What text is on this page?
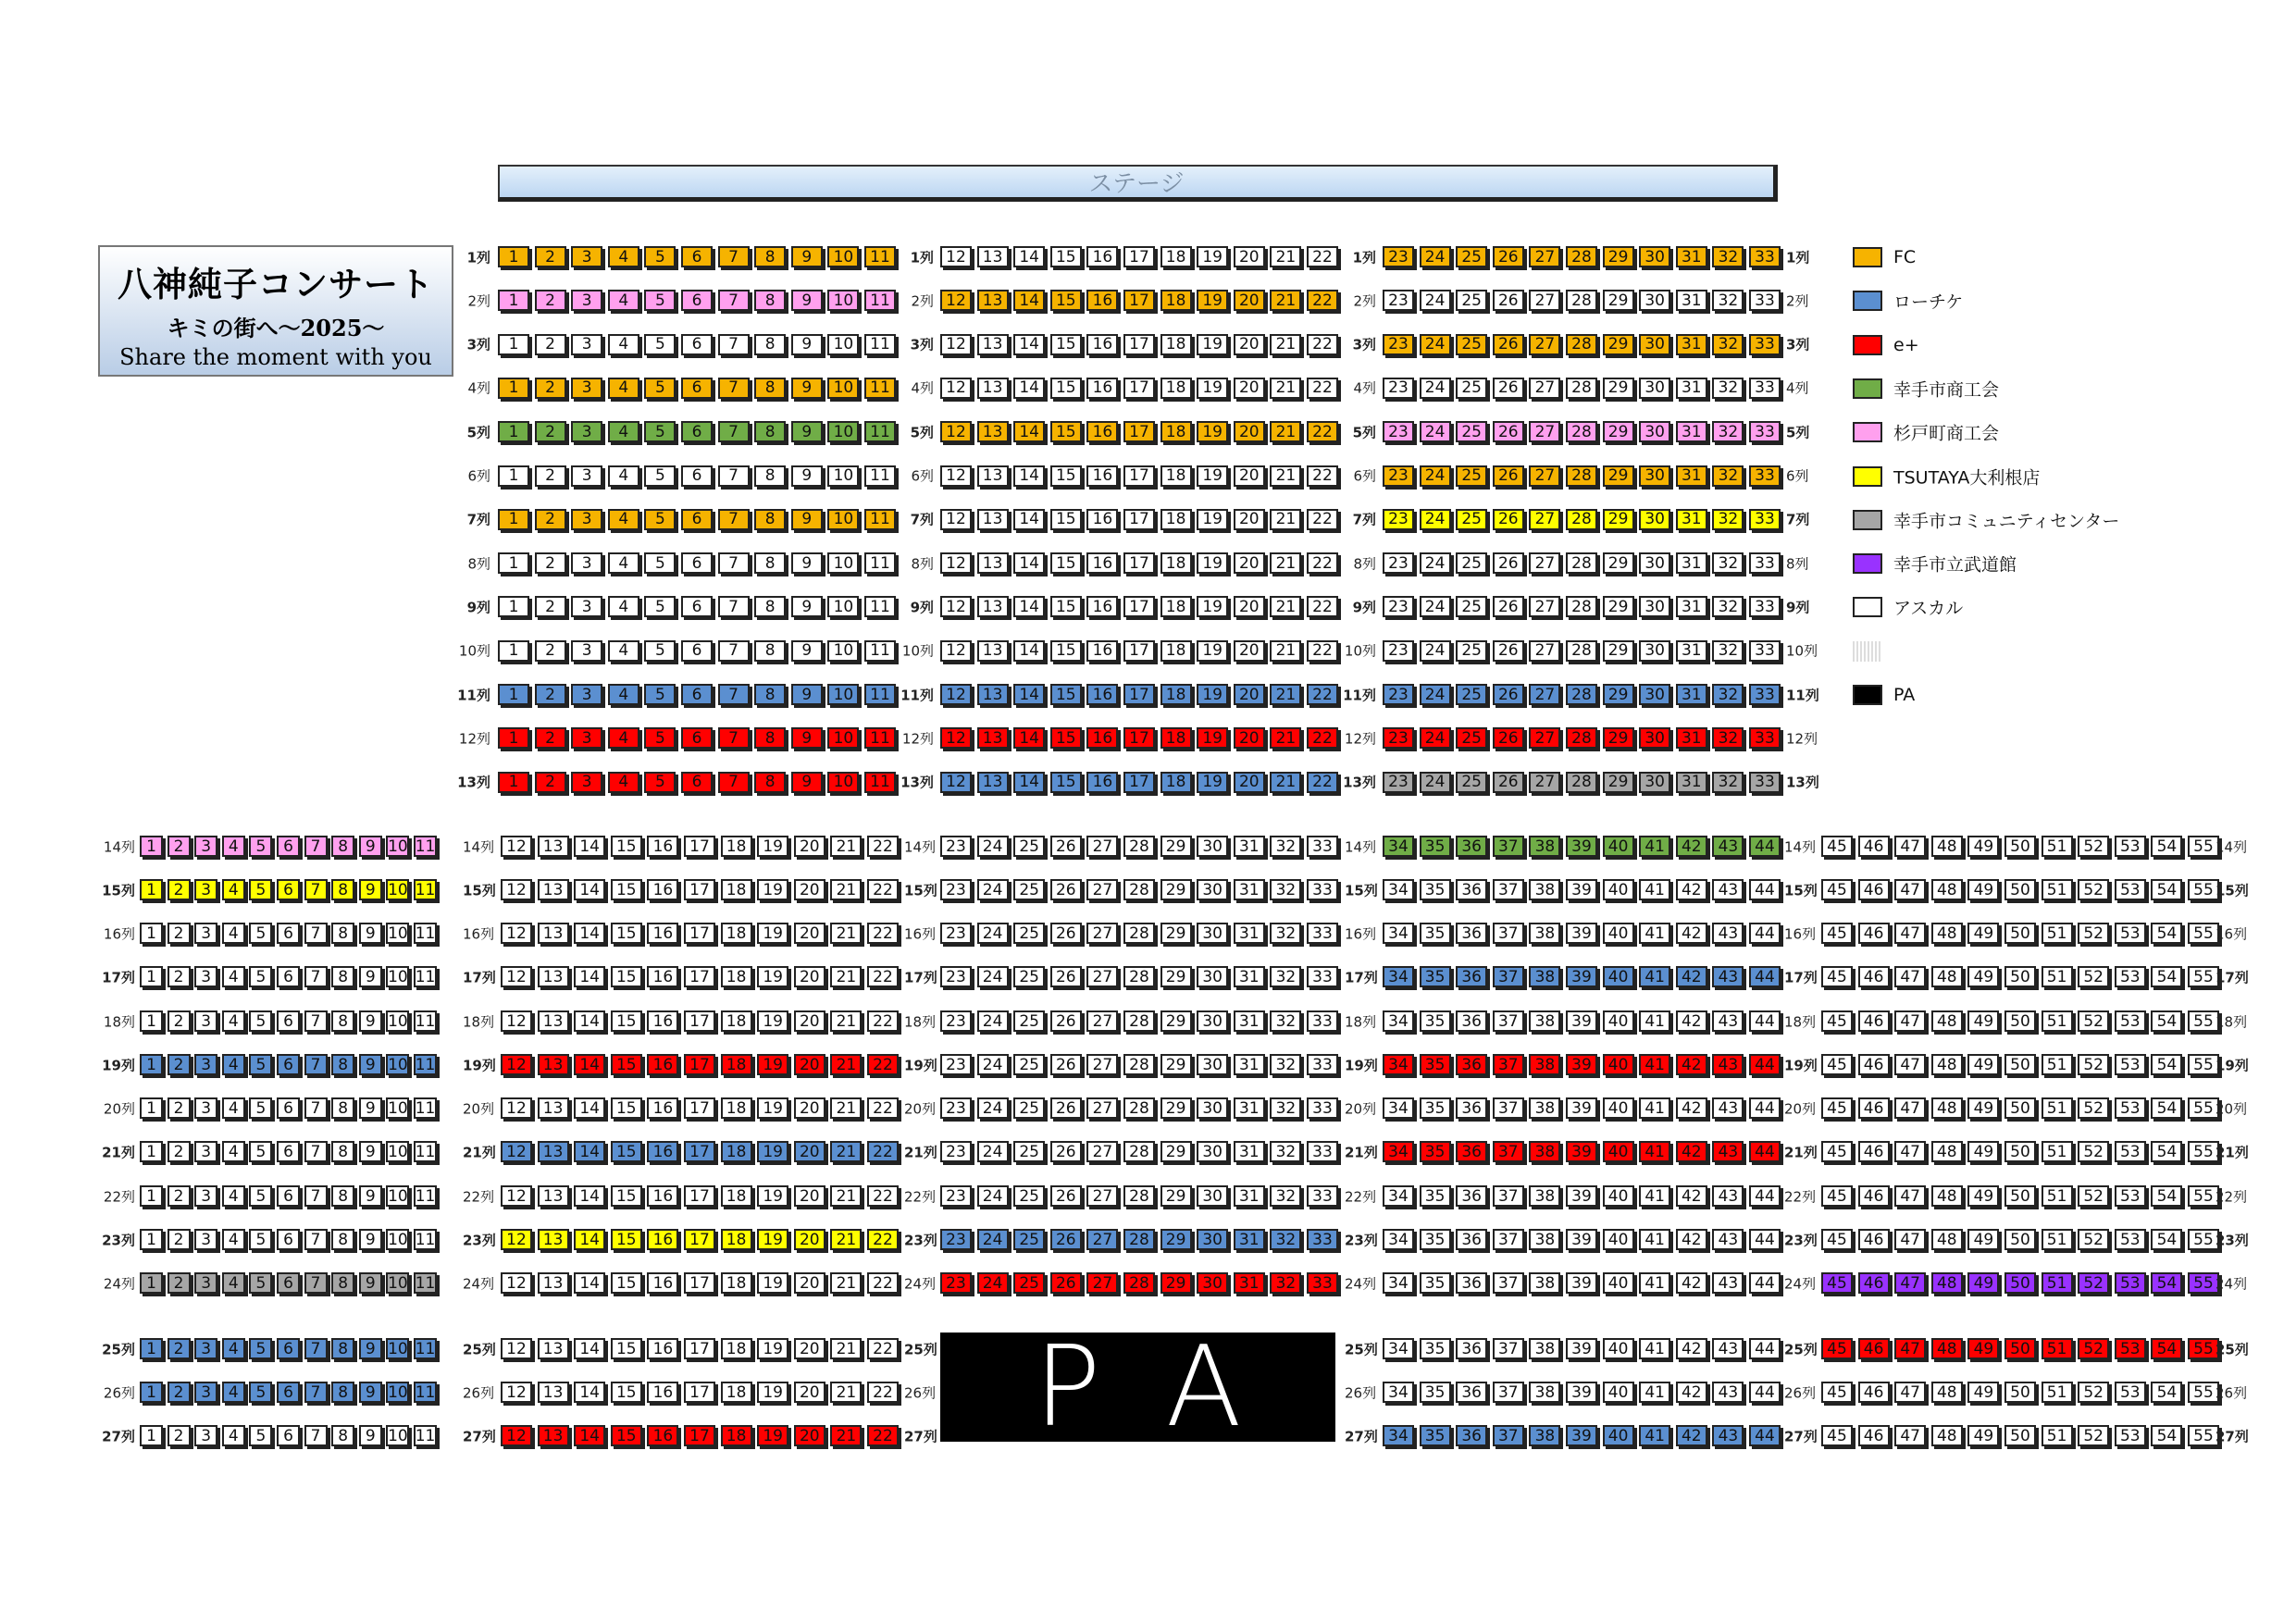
ステージ
八神純子コンサート
キミの街へ～2025～
Share the moment with you
1	2	3	4	5	6	7	8	9	10	11	12	13	14	15	16	17	18	19	20	21	22	23	24	25	26	27	28	29	30	31	32	33
1列	1列	1列	1列
1	2	3	4	5	6	7	8	9	10	11	12	13	14	15	16	17	18	19	20	21	22	23	24	25	26	27	28	29	30	31	32	33
2列	2列	2列	2列
1	2	3	4	5	6	7	8	9	10	11	12	13	14	15	16	17	18	19	20	21	22	23	24	25	26	27	28	29	30	31	32	33
3列	3列	3列	3列
1	2	3	4	5	6	7	8	9	10	11	12	13	14	15	16	17	18	19	20	21	22	23	24	25	26	27	28	29	30	31	32	33
4列	4列	4列	4列
1	2	3	4	5	6	7	8	9	10	11	12	13	14	15	16	17	18	19	20	21	22	23	24	25	26	27	28	29	30	31	32	33
5列	5列	5列	5列
1	2	3	4	5	6	7	8	9	10	11	12	13	14	15	16	17	18	19	20	21	22	23	24	25	26	27	28	29	30	31	32	33
6列	6列	6列	6列
1	2	3	4	5	6	7	8	9	10	11	12	13	14	15	16	17	18	19	20	21	22	23	24	25	26	27	28	29	30	31	32	33
7列	7列	7列	7列
1	2	3	4	5	6	7	8	9	10	11	12	13	14	15	16	17	18	19	20	21	22	23	24	25	26	27	28	29	30	31	32	33
8列	8列	8列	8列
1	2	3	4	5	6	7	8	9	10	11	12	13	14	15	16	17	18	19	20	21	22	23	24	25	26	27	28	29	30	31	32	33
9列	9列	9列	9列
1	2	3	4	5	6	7	8	9	10	11	12	13	14	15	16	17	18	19	20	21	22	23	24	25	26	27	28	29	30	31	32	33
10列	10列	10列	10列
1	2	3	4	5	6	7	8	9	10	11	12	13	14	15	16	17	18	19	20	21	22	23	24	25	26	27	28	29	30	31	32	33
11列	11列	11列	11列
1	2	3	4	5	6	7	8	9	10	11	12	13	14	15	16	17	18	19	20	21	22	23	24	25	26	27	28	29	30	31	32	33
12列	12列	12列	12列
1	2	3	4	5	6	7	8	9	10	11	12	13	14	15	16	17	18	19	20	21	22	23	24	25	26	27	28	29	30	31	32	33
13列	13列	13列	13列
1	2	3	4	5	6	7	8	9 10 11	12	13	14	15	16	17	18	19	20	21	22	23	24	25	26	27	28	29	30	31	32	33	34	35	36	37	38	39	40	41	42	43	44	45	46	47	48	49	50	51	52	53	54	55
14列	14列	14列	14列	14列	14列
1	2	3	4	5	6	7	8	9 10 11	12	13	14	15	16	17	18	19	20	21	22	23	24	25	26	27	28	29	30	31	32	33	34	35	36	37	38	39	40	41	42	43	44	45	46	47	48	49	50	51	52	53	54	55
15列	15列	15列	15列	15列	15列
1	2	3	4	5	6	7	8	9 10 11	12	13	14	15	16	17	18	19	20	21	22	23	24	25	26	27	28	29	30	31	32	33	34	35	36	37	38	39	40	41	42	43	44	45	46	47	48	49	50	51	52	53	54	55
16列	16列	16列	16列	16列	16列
1	2	3	4	5	6	7	8	9 10 11	12	13	14	15	16	17	18	19	20	21	22	23	24	25	26	27	28	29	30	31	32	33	34	35	36	37	38	39	40	41	42	43	44	45	46	47	48	49	50	51	52	53	54	55
17列	17列	17列	17列	17列	17列
1	2	3	4	5	6	7	8	9 10 11	12	13	14	15	16	17	18	19	20	21	22	23	24	25	26	27	28	29	30	31	32	33	34	35	36	37	38	39	40	41	42	43	44	45	46	47	48	49	50	51	52	53	54	55
18列	18列	18列	18列	18列	18列
1	2	3	4	5	6	7	8	9 10 11	12	13	14	15	16	17	18	19	20	21	22	23	24	25	26	27	28	29	30	31	32	33	34	35	36	37	38	39	40	41	42	43	44	45	46	47	48	49	50	51	52	53	54	55
19列	19列	19列	19列	19列	19列
1	2	3	4	5	6	7	8	9 10 11	12	13	14	15	16	17	18	19	20	21	22	23	24	25	26	27	28	29	30	31	32	33	34	35	36	37	38	39	40	41	42	43	44	45	46	47	48	49	50	51	52	53	54	55
20列	20列	20列	20列	20列	20列
1	2	3	4	5	6	7	8	9 10 11	12	13	14	15	16	17	18	19	20	21	22	23	24	25	26	27	28	29	30	31	32	33	34	35	36	37	38	39	40	41	42	43	44	45	46	47	48	49	50	51	52	53	54	55
21列	21列	21列	21列	21列	21列
1	2	3	4	5	6	7	8	9 10 11	12	13	14	15	16	17	18	19	20	21	22	23	24	25	26	27	28	29	30	31	32	33	34	35	36	37	38	39	40	41	42	43	44	45	46	47	48	49	50	51	52	53	54	55
22列	22列	22列	22列	22列	22列
1	2	3	4	5	6	7	8	9 10 11	12	13	14	15	16	17	18	19	20	21	22	23	24	25	26	27	28	29	30	31	32	33	34	35	36	37	38	39	40	41	42	43	44	45	46	47	48	49	50	51	52	53	54	55
23列	23列	23列	23列	23列	23列
1	2	3	4	5	6	7	8	9 10 11	12	13	14	15	16	17	18	19	20	21	22	23	24	25	26	27	28	29	30	31	32	33	34	35	36	37	38	39	40	41	42	43	44	45	46	47	48	49	50	51	52	53	54	55
24列	24列	24列	24列	24列	24列
1	2	3	4	5	6	7	8	9 10 11	12	13	14	15	16	17	18	19	20	21	22	34	35	36	37	38	39	40	41	42	43	44	45	46	47	48	49	50	51	52	53	54	55
25列	25列	25列	25列	25列	25列
1	2	3	4	5	6	7	8	9 10 11	12	13	14	15	16	17	18	19	20	21	22	34	35	36	37	38	39	40	41	42	43	44	45	46	47	48	49	50	51	52	53	54	55
26列	26列	26列	26列	26列	26列
1	2	3	4	5	6	7	8	9 10 11	12	13	14	15	16	17	18	19	20	21	22	34	35	36	37	38	39	40	41	42	43	44	45	46	47	48	49	50	51	52	53	54	55
27列	27列	27列	27列	27列	27列
P A
FC
ローチケ
e+
幸手市商工会
杉戸町商工会
TSUTAYA大利根店
幸手市コミュニティセンター
幸手市立武道館
アスカル
PA
